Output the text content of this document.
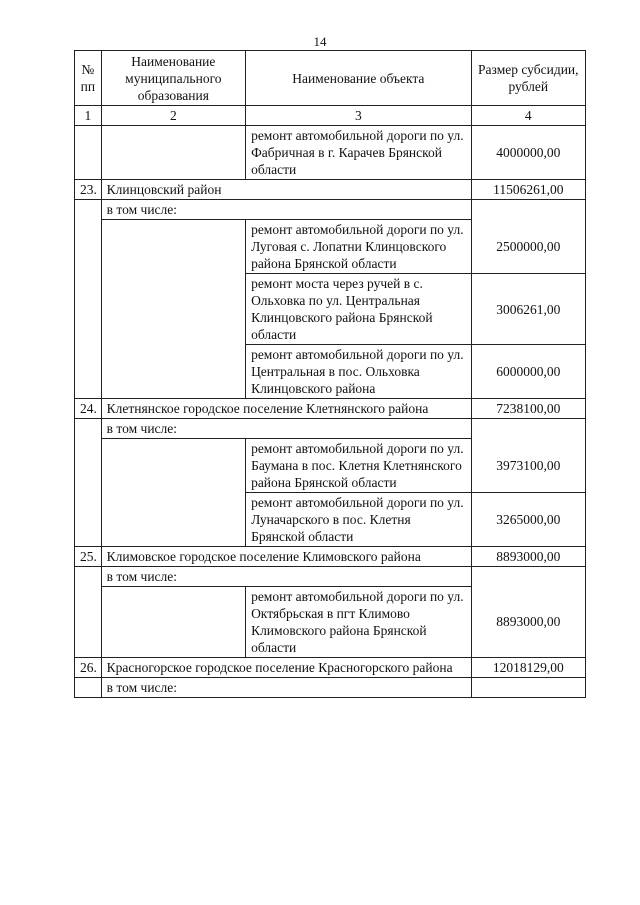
14
№ пп	Наименование муниципального образования	Наименование объекта	Размер субсидии, рублей
1	2	3	4
		ремонт автомобильной дороги по ул. Фабричная в г. Карачев Брянской области	4000000,00
23.	Клинцовский район		11506261,00
	в том числе:		
		ремонт автомобильной дороги по ул. Луговая с. Лопатни Клинцовского района Брянской области	2500000,00
		ремонт моста через ручей в с. Ольховка по ул. Центральная Клинцовского района Брянской области	3006261,00
		ремонт автомобильной дороги по ул. Центральная в пос. Ольховка Клинцовского района	6000000,00
24.	Клетнянское городское поселение Клетнянского района		7238100,00
	в том числе:		
		ремонт автомобильной дороги по ул. Баумана в пос. Клетня Клетнянского района Брянской области	3973100,00
		ремонт автомобильной дороги по ул. Луначарского в пос. Клетня Брянской области	3265000,00
25.	Климовское городское поселение Климовского района		8893000,00
	в том числе:		
		ремонт автомобильной дороги по ул. Октябрьская в пгт Климово Климовского района Брянской области	8893000,00
26.	Красногорское городское поселение Красногорского района		12018129,00
	в том числе:		
